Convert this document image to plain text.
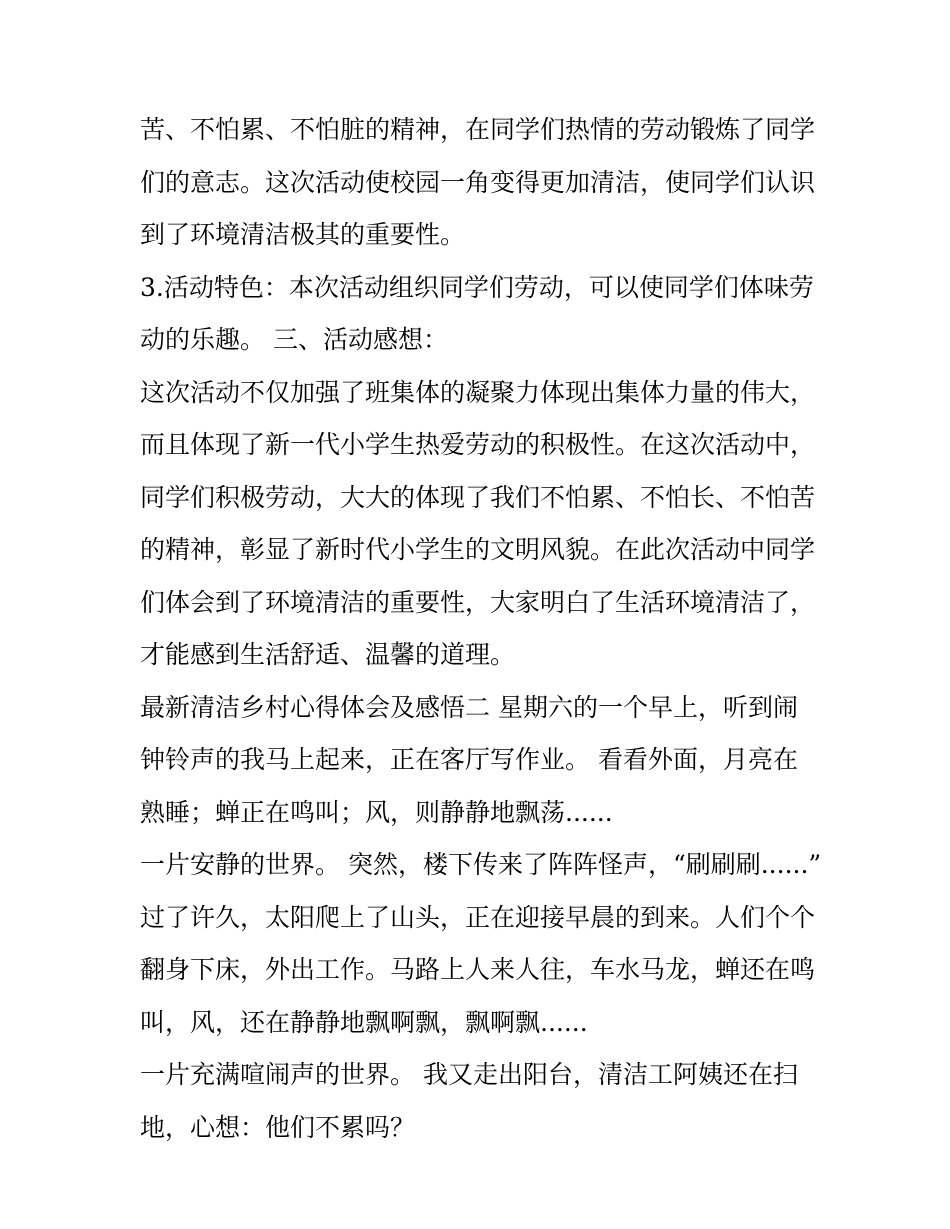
苦、不怕累、不怕脏的精神，在同学们热情的劳动锻炼了同学
们的意志。这次活动使校园一角变得更加清洁，使同学们认识
到了环境清洁极其的重要性。
3.活动特色：本次活动组织同学们劳动，可以使同学们体味劳
动的乐趣。 三、活动感想：
这次活动不仅加强了班集体的凝聚力体现出集体力量的伟大，
而且体现了新一代小学生热爱劳动的积极性。在这次活动中，
同学们积极劳动，大大的体现了我们不怕累、不怕长、不怕苦
的精神，彰显了新时代小学生的文明风貌。在此次活动中同学
们体会到了环境清洁的重要性，大家明白了生活环境清洁了，
才能感到生活舒适、温馨的道理。
最新清洁乡村心得体会及感悟二 星期六的一个早上，听到闹
钟铃声的我马上起来，正在客厅写作业。 看看外面，月亮在
熟睡；蝉正在鸣叫；风，则静静地飘荡......
一片安静的世界。 突然，楼下传来了阵阵怪声，“刷刷刷......”
过了许久，太阳爬上了山头，正在迎接早晨的到来。人们个个
翻身下床，外出工作。马路上人来人往，车水马龙，蝉还在鸣
叫，风，还在静静地飘啊飘，飘啊飘......
一片充满喧闹声的世界。 我又走出阳台，清洁工阿姨还在扫
地，心想：他们不累吗？
